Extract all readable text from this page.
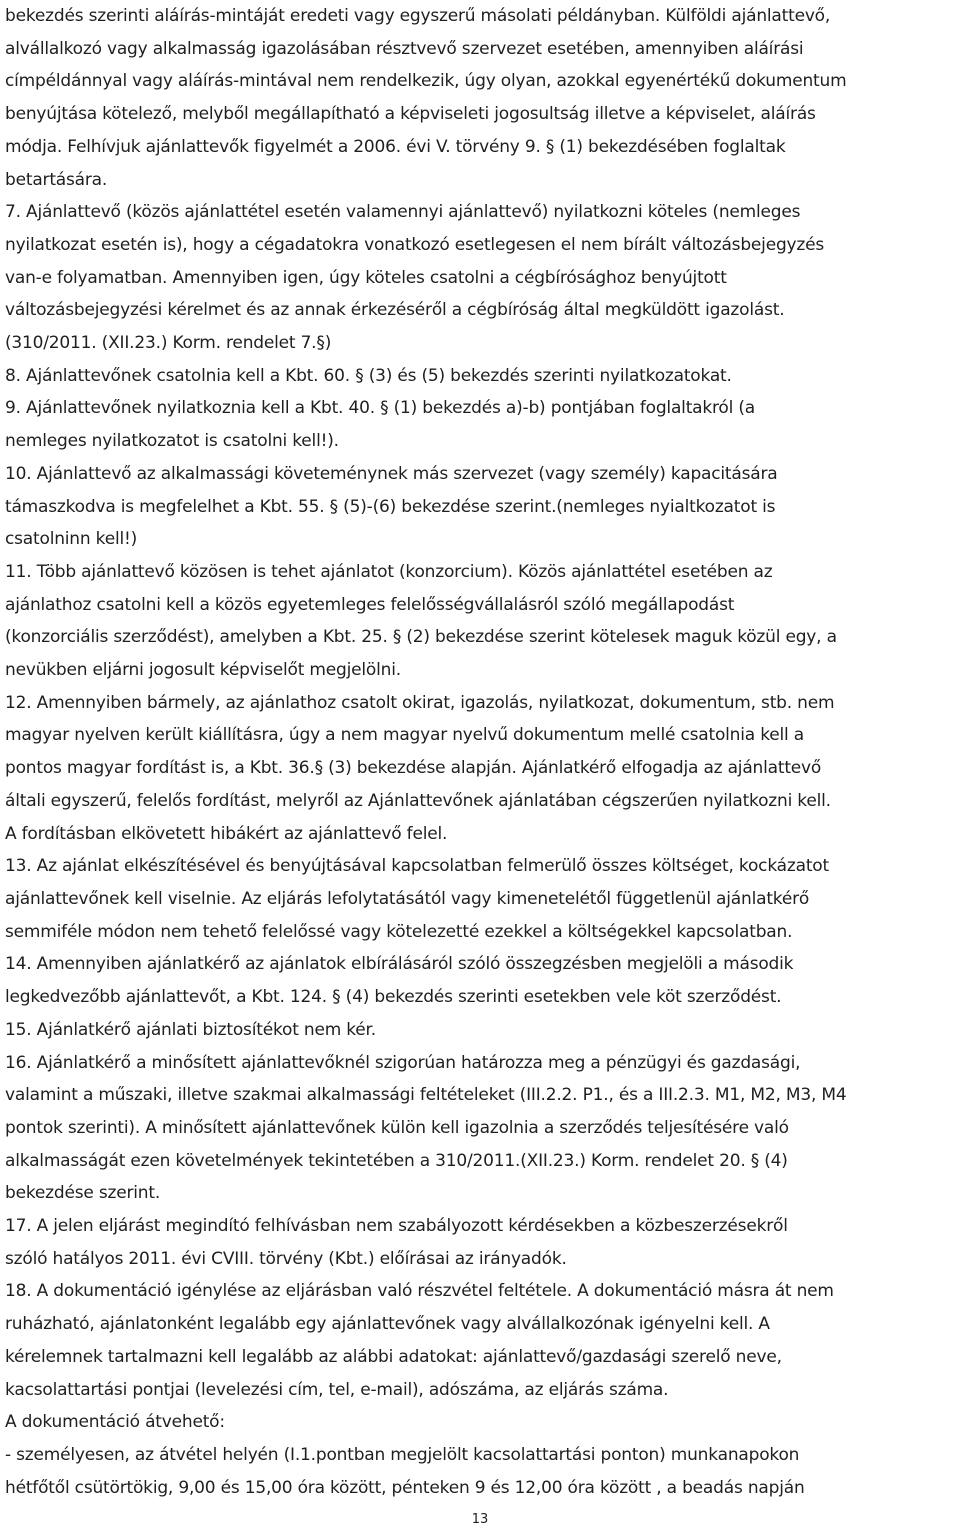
bekezdés szerinti aláírás-mintáját eredeti vagy egyszerű másolati példányban. Külföldi ajánlattevő,
alvállalkozó vagy alkalmasság igazolásában résztvevő szervezet esetében, amennyiben aláírási
címpéldánnyal vagy aláírás-mintával nem rendelkezik, úgy olyan, azokkal egyenértékű dokumentum
benyújtása kötelező, melyből megállapítható a képviseleti jogosultság illetve a képviselet, aláírás
módja. Felhívjuk ajánlattevők figyelmét a 2006. évi V. törvény 9. § (1) bekezdésében foglaltak
betartására.
7. Ajánlattevő (közös ajánlattétel esetén valamennyi ajánlattevő) nyilatkozni köteles (nemleges
nyilatkozat esetén is), hogy a cégadatokra vonatkozó esetlegesen el nem bírált változásbejegyzés
van-e folyamatban. Amennyiben igen, úgy köteles csatolni a cégbírósághoz benyújtott
változásbejegyzési kérelmet és az annak érkezéséről a cégbíróság által megküldött igazolást.
(310/2011. (XII.23.) Korm. rendelet 7.§)
8. Ajánlattevőnek csatolnia kell a Kbt. 60. § (3) és (5) bekezdés szerinti nyilatkozatokat.
9. Ajánlattevőnek nyilatkoznia kell a Kbt. 40. § (1) bekezdés a)-b) pontjában foglaltakról (a
nemleges nyilatkozatot is csatolni kell!).
10. Ajánlattevő az alkalmassági követeménynek más szervezet (vagy személy) kapacitására
támaszkodva is megfelelhet a Kbt. 55. § (5)-(6) bekezdése szerint.(nemleges nyialtkozatot is
csatolninn kell!)
11. Több ajánlattevő közösen is tehet ajánlatot (konzorcium). Közös ajánlattétel esetében az
ajánlathoz csatolni kell a közös egyetemleges felelősségvállalásról szóló megállapodást
(konzorciális szerződést), amelyben a Kbt. 25. § (2) bekezdése szerint kötelesek maguk közül egy, a
nevükben eljárni jogosult képviselőt megjelölni.
12. Amennyiben bármely, az ajánlathoz csatolt okirat, igazolás, nyilatkozat, dokumentum, stb. nem
magyar nyelven került kiállításra, úgy a nem magyar nyelvű dokumentum mellé csatolnia kell a
pontos magyar fordítást is, a Kbt. 36.§ (3) bekezdése alapján. Ajánlatkérő elfogadja az ajánlattevő
általi egyszerű, felelős fordítást, melyről az Ajánlattevőnek ajánlatában cégszerűen nyilatkozni kell.
A fordításban elkövetett hibákért az ajánlattevő felel.
13. Az ajánlat elkészítésével és benyújtásával kapcsolatban felmerülő összes költséget, kockázatot
ajánlattevőnek kell viselnie. Az eljárás lefolytatásától vagy kimenetelétől függetlenül ajánlatkérő
semmiféle módon nem tehető felelőssé vagy kötelezetté ezekkel a költségekkel kapcsolatban.
14. Amennyiben ajánlatkérő az ajánlatok elbírálásáról szóló összegzésben megjelöli a második
legkedvezőbb ajánlattevőt, a Kbt. 124. § (4) bekezdés szerinti esetekben vele köt szerződést.
15. Ajánlatkérő ajánlati biztosítékot nem kér.
16. Ajánlatkérő a minősített ajánlattevőknél szigorúan határozza meg a pénzügyi és gazdasági,
valamint a műszaki, illetve szakmai alkalmassági feltételeket (III.2.2. P1., és a III.2.3. M1, M2, M3, M4
pontok szerinti). A minősített ajánlattevőnek külön kell igazolnia a szerződés teljesítésére való
alkalmasságát ezen követelmények tekintetében a 310/2011.(XII.23.) Korm. rendelet 20. § (4)
bekezdése szerint.
17. A jelen eljárást megindító felhívásban nem szabályozott kérdésekben a közbeszerzésekről
szóló hatályos 2011. évi CVIII. törvény (Kbt.) előírásai az irányadók.
18. A dokumentáció igénylése az eljárásban való részvétel feltétele. A dokumentáció másra át nem
ruházható, ajánlatonként legalább egy ajánlattevőnek vagy alvállalkozónak igényelni kell. A
kérelemnek tartalmazni kell legalább az alábbi adatokat: ajánlattevő/gazdasági szerelő neve,
kacsolattartási pontjai (levelezési cím, tel, e-mail), adószáma, az eljárás száma.
A dokumentáció átvehető:
- személyesen, az átvétel helyén (I.1.pontban megjelölt kacsolattartási ponton) munkanapokon
hétfőtől csütörtökig, 9,00 és 15,00 óra között, pénteken 9 és 12,00 óra között , a beadás napján
13
